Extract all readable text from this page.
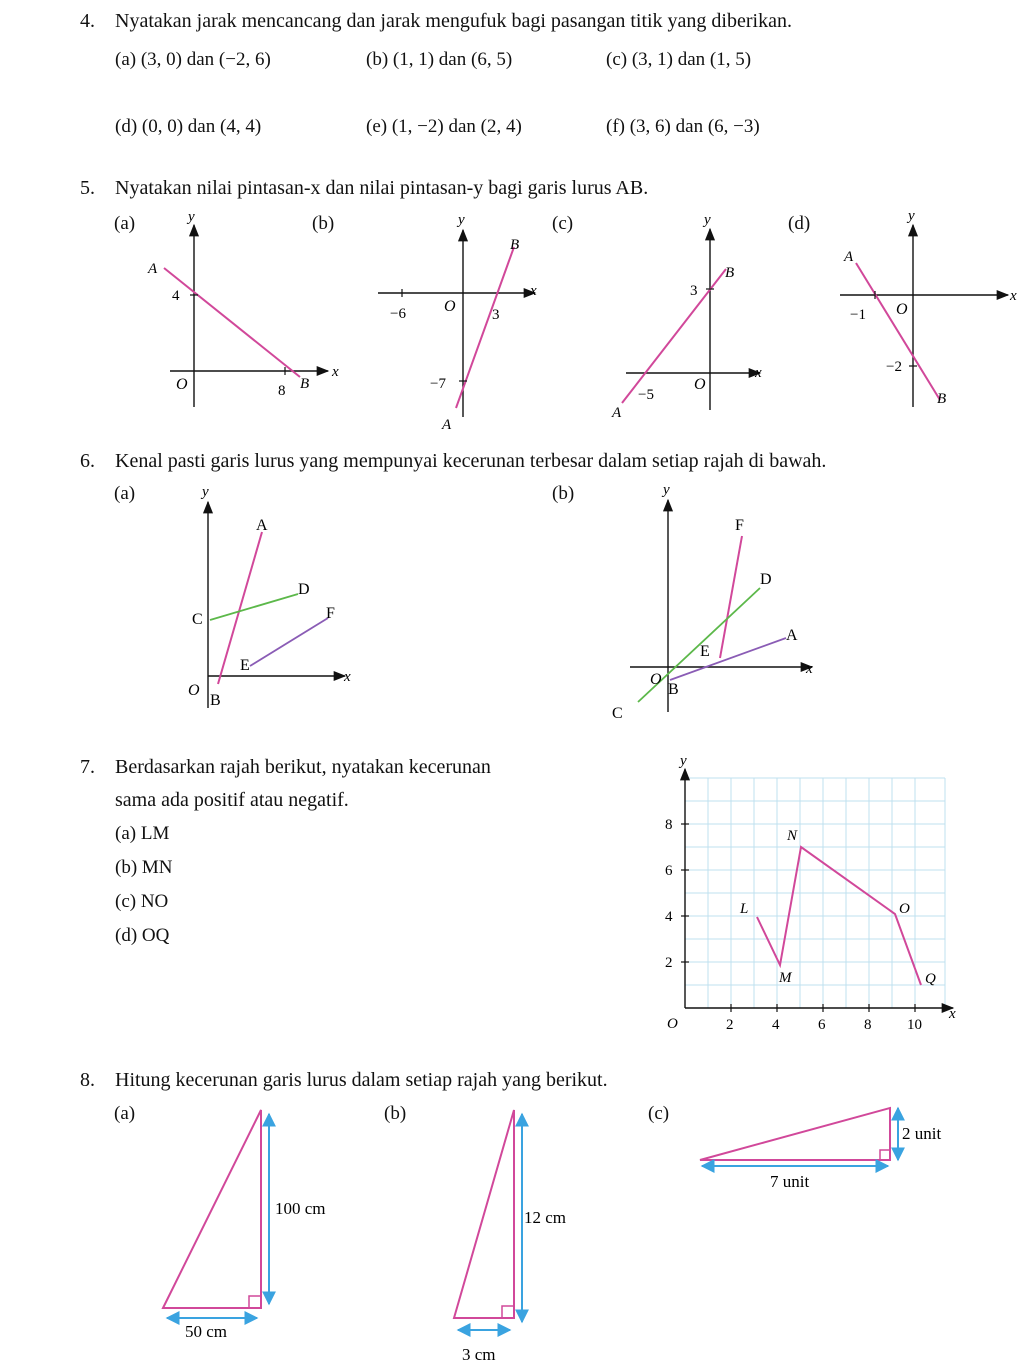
4. Nyatakan jarak mencancang dan jarak mengufuk bagi pasangan titik yang diberikan.
(a) (3, 0) dan (−2, 6)	(b) (1, 1) dan (6, 5)	(c) (3, 1) dan (1, 5)
(d) (0, 0) dan (4, 4)	(e) (1, −2) dan (2, 4)	(f) (3, 6) dan (6, −3)
5. Nyatakan nilai pintasan-x dan nilai pintasan-y bagi garis lurus AB.
(a)	(b)	(c)	(d)
y
x
O
A
B
4
8
y
x
O
B
A
−6	3
−7
y
x
O
B
A
3
−5
y
x
O
A
B
−1
−2
6. Kenal pasti garis lurus yang mempunyai kecerunan terbesar dalam setiap rajah di bawah.
(a)	(b)
y
x
O
A
B
C
D
E
F
y
x
O
F
D
E
A
B
C
7. Berdasarkan rajah berikut, nyatakan kecerunan
sama ada positif atau negatif.
(a) LM
(b) MN
(c) NO
(d) OQ
y
x
O
2
4
6
8
2	4	6	8 10
L
M
N
O
Q
8. Hitung kecerunan garis lurus dalam setiap rajah yang berikut.
(a)	(b)	(c)
100 cm
50 cm
12 cm
3 cm
2 unit
7 unit
